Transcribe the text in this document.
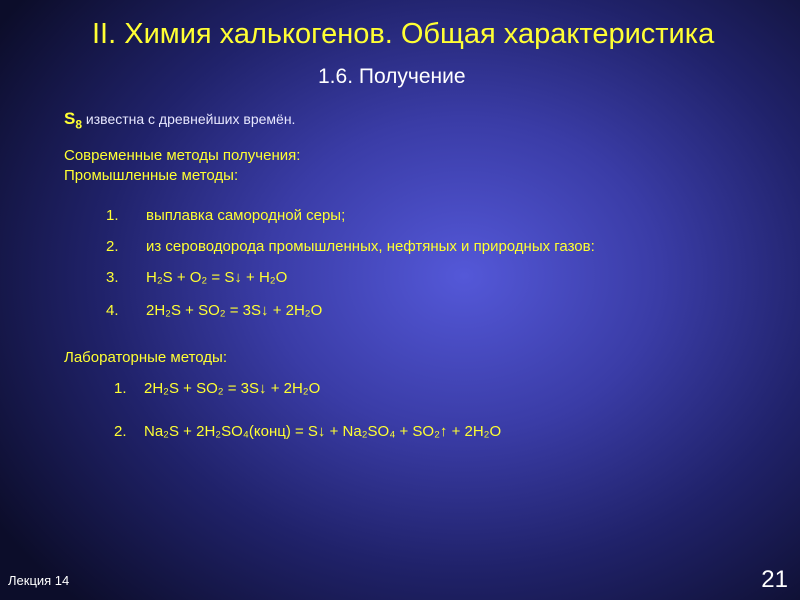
II. Химия халькогенов. Общая характеристика
1.6. Получение
$S_8$ известна с древнейших времён.
Современные методы получения:
Промышленные методы:
1. выплавка самородной серы;
2. из сероводорода промышленных, нефтяных и природных газов:
3. H₂S + O₂ = S↓ + H₂O
4. 2H₂S + SO₂ = 3S↓ + 2H₂O
Лабораторные методы:
1. 2H₂S + SO₂ = 3S↓ + 2H₂O
2. Na₂S + 2H₂SO₄(конц) = S↓ + Na₂SO₄ + SO₂↑ + 2H₂O
Лекция 14	21
